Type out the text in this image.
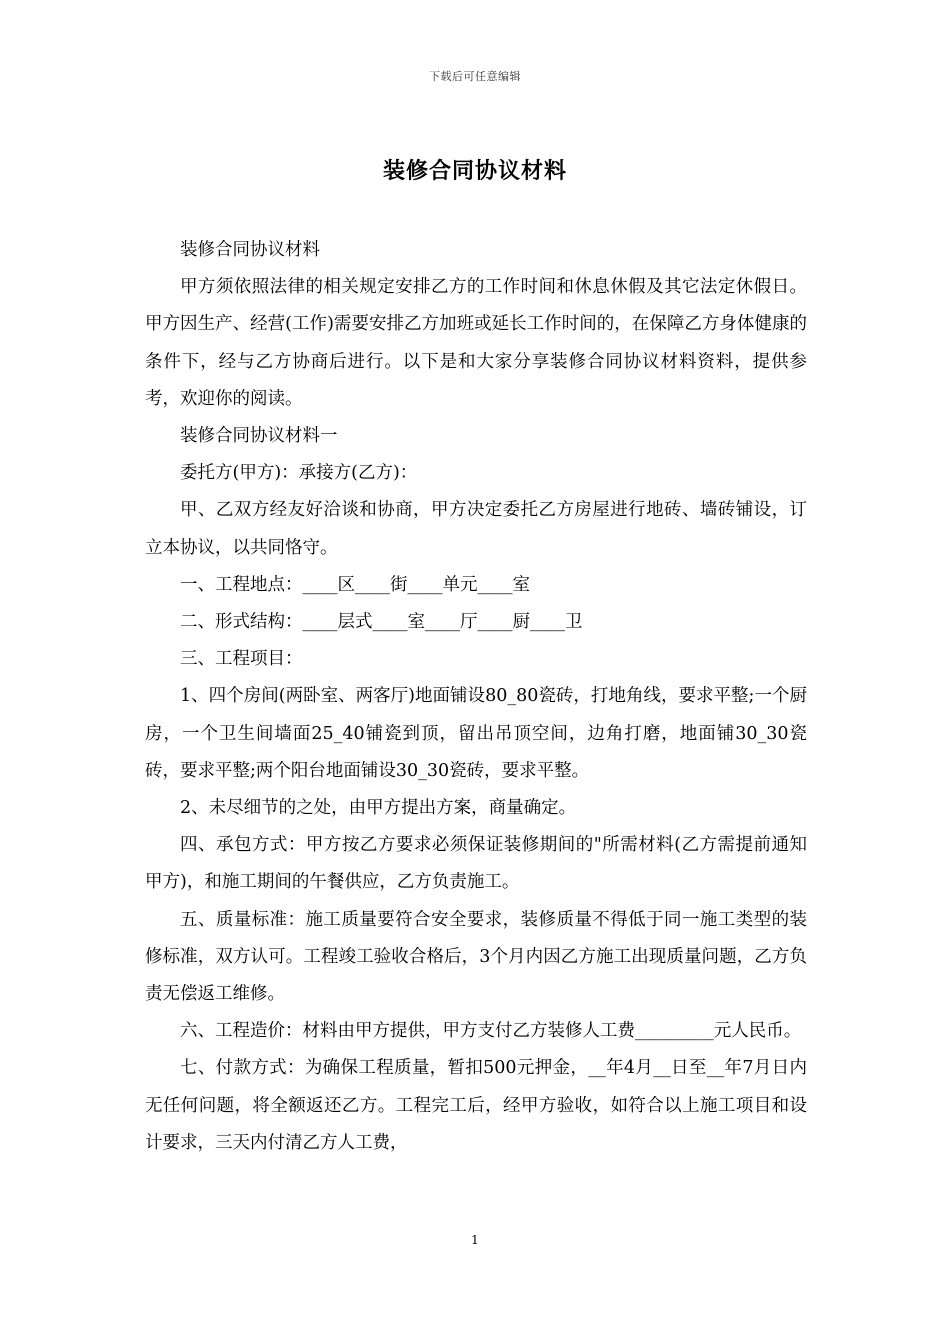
下载后可任意编辑
装修合同协议材料

装修合同协议材料

甲方须依照法律的相关规定安排乙方的工作时间和休息休假及其它法定休假日。甲方因生产、经营(工作)需要安排乙方加班或延长工作时间的，在保障乙方身体健康的条件下，经与乙方协商后进行。以下是和大家分享装修合同协议材料资料，提供参考，欢迎你的阅读。

装修合同协议材料一

委托方(甲方)：承接方(乙方)：

甲、乙双方经友好洽谈和协商，甲方决定委托乙方房屋进行地砖、墙砖铺设，订立本协议，以共同恪守。

一、工程地点：____区____街____单元____室

二、形式结构：____层式____室____厅____厨____卫

三、工程项目：

1、四个房间(两卧室、两客厅)地面铺设80_80瓷砖，打地角线，要求平整;一个厨房，一个卫生间墙面25_40铺瓷到顶，留出吊顶空间，边角打磨，地面铺30_30瓷砖，要求平整;两个阳台地面铺设30_30瓷砖，要求平整。

2、未尽细节的之处，由甲方提出方案，商量确定。

四、承包方式：甲方按乙方要求必须保证装修期间的"所需材料(乙方需提前通知甲方)，和施工期间的午餐供应，乙方负责施工。

五、质量标准：施工质量要符合安全要求，装修质量不得低于同一施工类型的装修标准，双方认可。工程竣工验收合格后，3个月内因乙方施工出现质量问题，乙方负责无偿返工维修。

六、工程造价：材料由甲方提供，甲方支付乙方装修人工费_________元人民币。

七、付款方式：为确保工程质量，暂扣500元押金，__年4月__日至__年7月日内无任何问题，将全额返还乙方。工程完工后，经甲方验收，如符合以上施工项目和设计要求，三天内付清乙方人工费，

1
